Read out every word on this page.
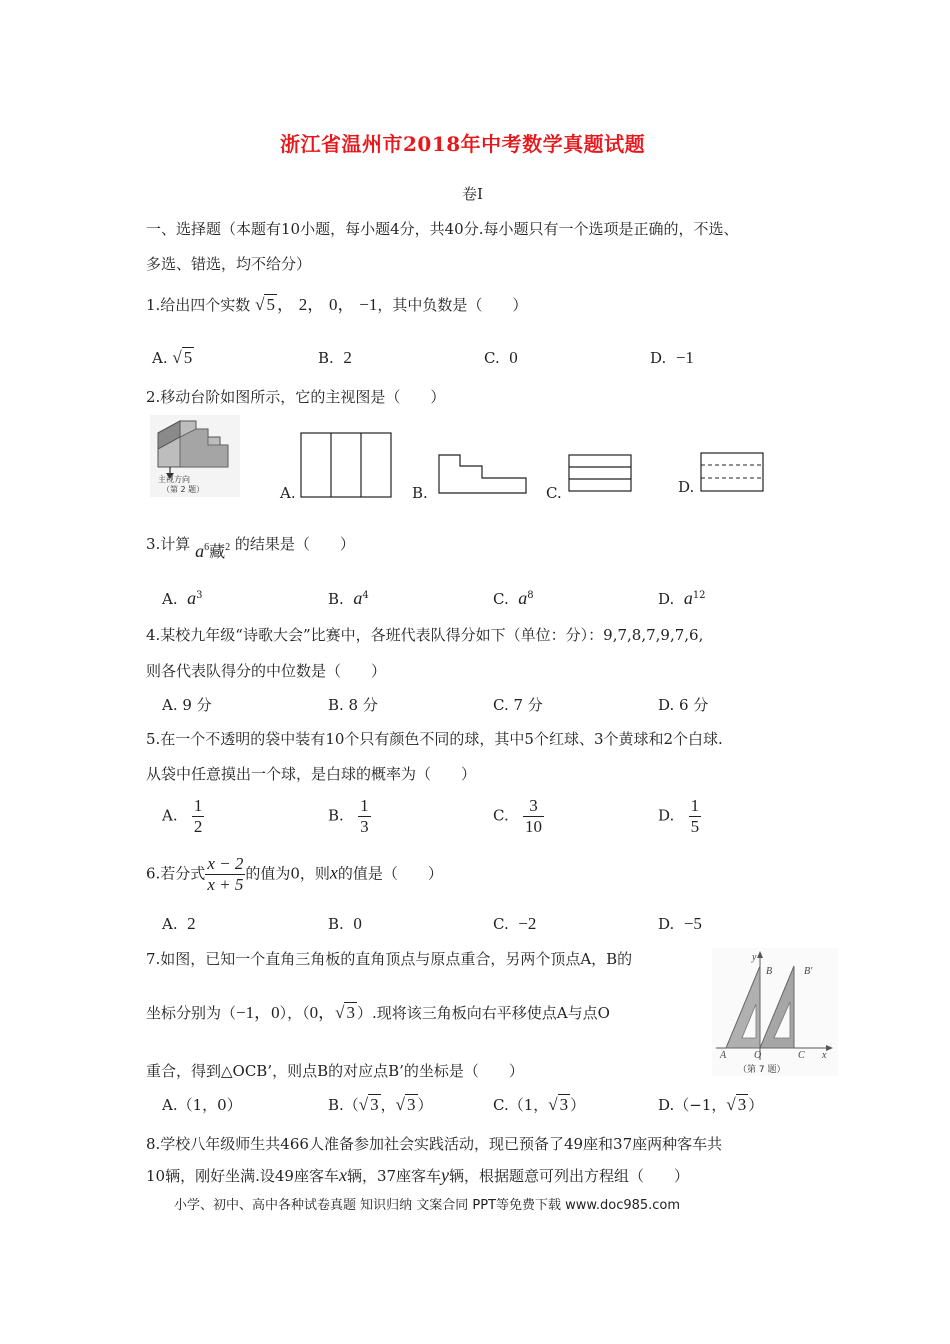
浙江省温州市2018年中考数学真题试题
卷Ⅰ
一、选择题（本题有10小题，每小题4分，共40分.每小题只有一个选项是正确的，不选、
多选、错选，均不给分）
1.给出四个实数 √ 5 ， 2， 0， −1，其中负数是（　　）
A. √ 5	B. 2	C. 0	D. −1
2.移动台阶如图所示，它的主视图是（　　）
主视方向
（第 2 题）	A.	B.	C.	D.
3.计算 $a^6$藏$^2$ 的结果是（　　）
A. $a^3$	B. $a^4$	C. $a^8$	D. $a^{12}$
4.某校九年级“诗歌大会”比赛中，各班代表队得分如下（单位：分）：9,7,8,7,9,7,6,
则各代表队得分的中位数是（　　）
A. 9 分	B. 8 分	C. 7 分	D. 6 分
5.在一个不透明的袋中装有10个只有颜色不同的球，其中5个红球、3个黄球和2个白球.
从袋中任意摸出一个球，是白球的概率为（　　）
A. $\frac{1}{2}$	B. $\frac{1}{3}$	C. $\frac{3}{10}$	D. $\frac{1}{5}$
6.若分式 $\frac{x - 2}{x + 5}$ 的值为0，则x的值是（　　）
A. 2	B. 0	C. −2	D. −5
7.如图，已知一个直角三角板的直角顶点与原点重合，另两个顶点A，B的
坐标分别为（−1，0），（0，√ 3 ）.现将该三角板向右平移使点A与点O
重合，得到△OCB’，则点B的对应点B’的坐标是（　　）
y
B	B'
A	O	C x
（第 7 题）
A.（1，0）	B.（√ 3 ，√ 3 ）	C.（1，√ 3 ）	D.（−1，√ 3 ）
8.学校八年级师生共466人准备参加社会实践活动，现已预备了49座和37座两种客车共
10辆，刚好坐满.设49座客车x辆，37座客车y辆，根据题意可列出方程组（　　）
小学、初中、高中各种试卷真题 知识归纳 文案合同 PPT等免费下载 www.doc985.com
